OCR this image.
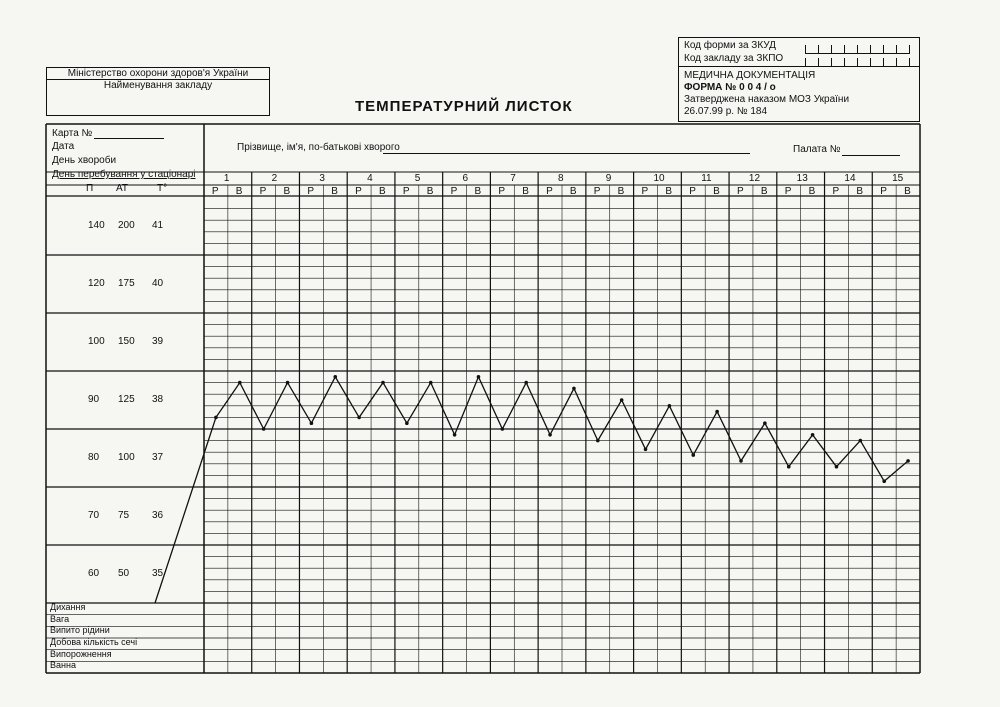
Міністерство охорони здоров'я України
Найменування закладу
Код форми за ЗКУД
Код закладу за ЗКПО
МЕДИЧНА ДОКУМЕНТАЦІЯ
ФОРМА № 0 0 4 / о
Затверджена наказом МОЗ України
26.07.99 р. № 184
ТЕМПЕРАТУРНИЙ ЛИСТОК
Карта №
Дата
День хвороби
День перебування у стаціонарі
Прізвище, ім'я, по-батькові хворого	Палата №
П АТ	Т°
140 200 41
120 175 40
100 150 39
90 125 38
80 100 37
70 75 36
60 50 35
1
Р В
2
Р В
3
Р В
4
Р В
5
Р В
6
Р В
7
Р В
8
Р В
9
Р В
10
Р В
11
Р В
12
Р В
13
Р В
14
Р В
15
Р В
Дихання
Вага
Випито рідини
Добова кількість сечі
Випорожнення
Ванна
